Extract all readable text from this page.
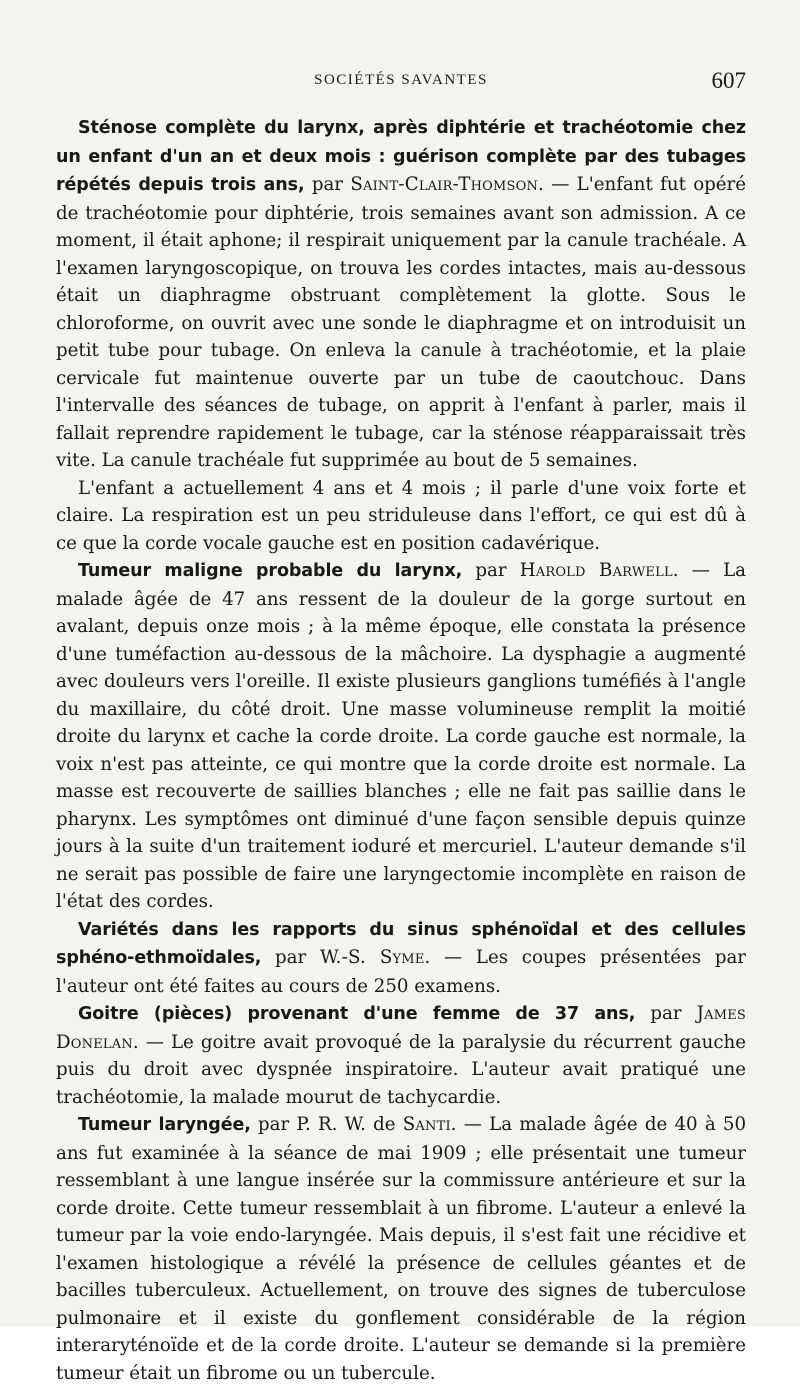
SOCIÉTÉS SAVANTES	607

Sténose complète du larynx, après diphtérie et trachéotomie chez un enfant d'un an et deux mois : guérison complète par des tubages répétés depuis trois ans, par Saint-Clair-Thomson. — L'enfant fut opéré de trachéotomie pour diphtérie, trois semaines avant son admission. A ce moment, il était aphone; il respirait uniquement par la canule trachéale. A l'examen laryngoscopique, on trouva les cordes intactes, mais au-dessous était un diaphragme obstruant complètement la glotte. Sous le chloroforme, on ouvrit avec une sonde le diaphragme et on introduisit un petit tube pour tubage. On enleva la canule à trachéotomie, et la plaie cervicale fut maintenue ouverte par un tube de caoutchouc. Dans l'intervalle des séances de tubage, on apprit à l'enfant à parler, mais il fallait reprendre rapidement le tubage, car la sténose réapparaissait très vite. La canule trachéale fut supprimée au bout de 5 semaines.

L'enfant a actuellement 4 ans et 4 mois ; il parle d'une voix forte et claire. La respiration est un peu striduleuse dans l'effort, ce qui est dû à ce que la corde vocale gauche est en position cadavérique.

Tumeur maligne probable du larynx, par Harold Barwell. — La malade âgée de 47 ans ressent de la douleur de la gorge surtout en avalant, depuis onze mois ; à la même époque, elle constata la présence d'une tuméfaction au-dessous de la mâchoire. La dysphagie a augmenté avec douleurs vers l'oreille. Il existe plusieurs ganglions tuméfiés à l'angle du maxillaire, du côté droit. Une masse volumineuse remplit la moitié droite du larynx et cache la corde droite. La corde gauche est normale, la voix n'est pas atteinte, ce qui montre que la corde droite est normale. La masse est recouverte de saillies blanches ; elle ne fait pas saillie dans le pharynx. Les symptômes ont diminué d'une façon sensible depuis quinze jours à la suite d'un traitement ioduré et mercuriel. L'auteur demande s'il ne serait pas possible de faire une laryngectomie incomplète en raison de l'état des cordes.

Variétés dans les rapports du sinus sphénoïdal et des cellules sphéno-ethmoïdales, par W.-S. Syme. — Les coupes présentées par l'auteur ont été faites au cours de 250 examens.

Goitre (pièces) provenant d'une femme de 37 ans, par James Donelan. — Le goitre avait provoqué de la paralysie du récurrent gauche puis du droit avec dyspnée inspiratoire. L'auteur avait pratiqué une trachéotomie, la malade mourut de tachycardie.

Tumeur laryngée, par P. R. W. de Santi. — La malade âgée de 40 à 50 ans fut examinée à la séance de mai 1909 ; elle présentait une tumeur ressemblant à une langue insérée sur la commissure antérieure et sur la corde droite. Cette tumeur ressemblait à un fibrome. L'auteur a enlevé la tumeur par la voie endo-laryngée. Mais depuis, il s'est fait une récidive et l'examen histologique a révélé la présence de cellules géantes et de bacilles tuberculeux. Actuellement, on trouve des signes de tuberculose pulmonaire et il existe du gonflement considérable de la région interaryténoïde et de la corde droite. L'auteur se demande si la première tumeur était un fibrome ou un tubercule.
